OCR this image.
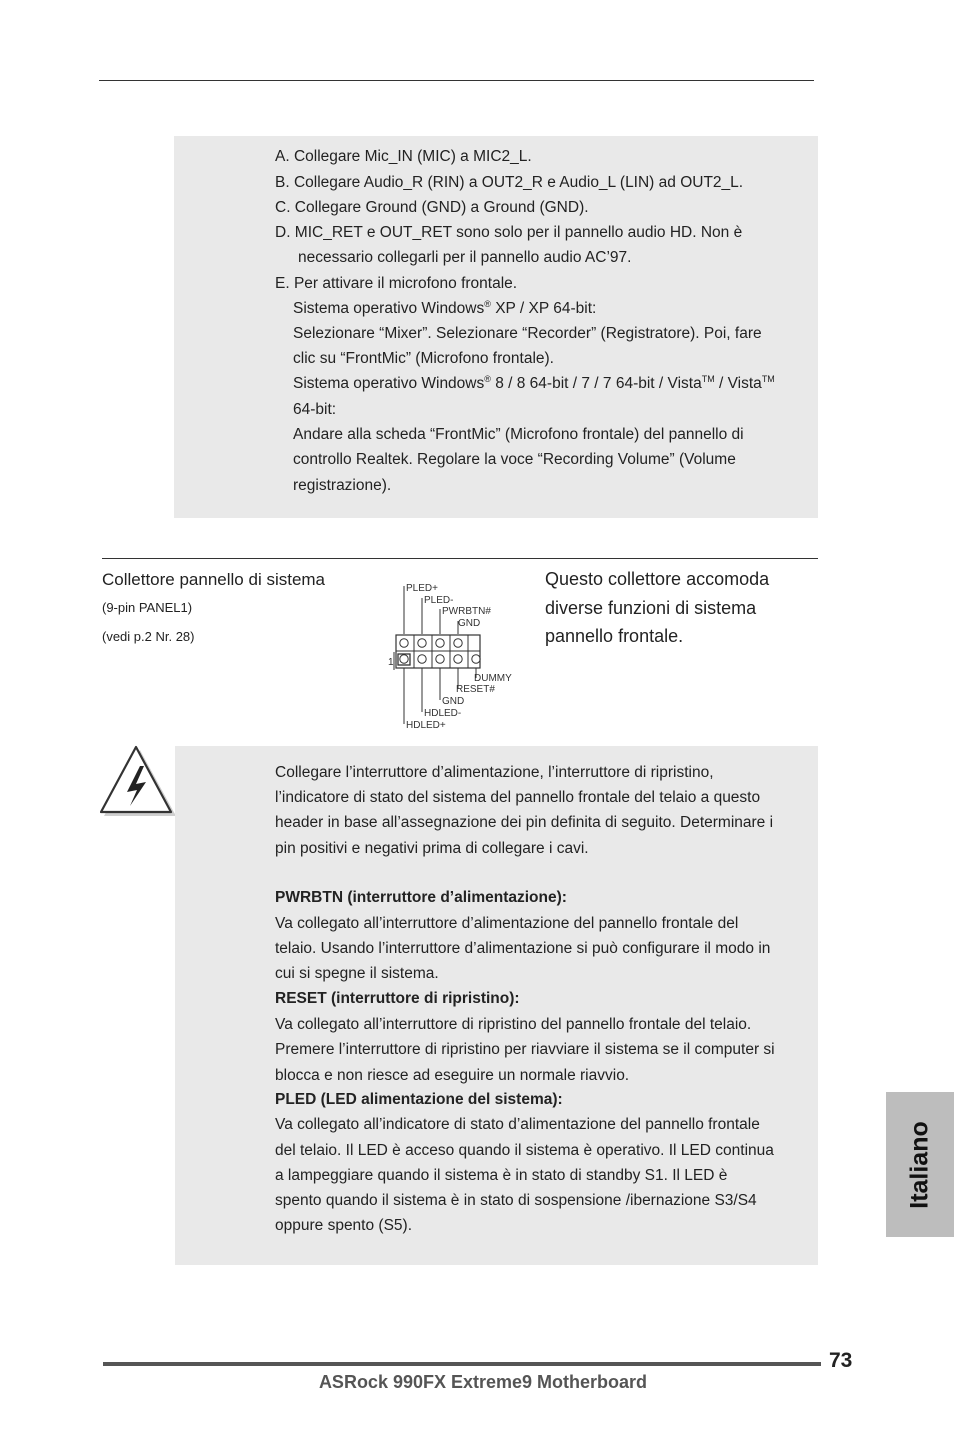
A. Collegare Mic_IN (MIC) a MIC2_L.
B. Collegare Audio_R (RIN) a OUT2_R e Audio_L (LIN) ad OUT2_L.
C. Collegare Ground (GND) a Ground (GND).
D. MIC_RET e OUT_RET sono solo per il pannello audio HD. Non è
necessario collegarli per il pannello audio AC’97.
E. Per attivare il microfono frontale.
Sistema operativo Windows® XP / XP 64-bit:
Selezionare “Mixer”. Selezionare “Recorder” (Registratore). Poi, fare
clic su “FrontMic” (Microfono frontale).
Sistema operativo Windows® 8 / 8 64-bit / 7 / 7 64-bit / Vista™ / Vista™
64-bit:
Andare alla scheda “FrontMic” (Microfono frontale) del pannello di
controllo Realtek. Regolare la voce “Recording Volume” (Volume
registrazione).
Collettore pannello di sistema
(9-pin PANEL1)
(vedi p.2 Nr. 28)
Questo collettore accomoda diverse funzioni di sistema pannello frontale.
PLED+
PLED-
PWRBTN#
GND
1
DUMMY
RESET#
GND
HDLED-
HDLED+
Collegare l’interruttore d’alimentazione, l’interruttore di ripristino,
l’indicatore di stato del sistema del pannello frontale del telaio a questo
header in base all’assegnazione dei pin definita di seguito. Determinare i
pin positivi e negativi prima di collegare i cavi.
PWRBTN (interruttore d’alimentazione):
Va collegato all’interruttore d’alimentazione del pannello frontale del
telaio. Usando l’interruttore d’alimentazione si può configurare il modo in
cui si spegne il sistema.
RESET (interruttore di ripristino):
Va collegato all’interruttore di ripristino del pannello frontale del telaio.
Premere l’interruttore di ripristino per riavviare il sistema se il computer si
blocca e non riesce ad eseguire un normale riavvio.
PLED (LED alimentazione del sistema):
Va collegato all’indicatore di stato d’alimentazione del pannello frontale
del telaio. Il LED è acceso quando il sistema è operativo. Il LED continua
a lampeggiare quando il sistema è in stato di standby S1. Il LED è
spento quando il sistema è in stato di sospensione /ibernazione S3/S4
oppure spento (S5).
Italiano
73
ASRock 990FX Extreme9 Motherboard
